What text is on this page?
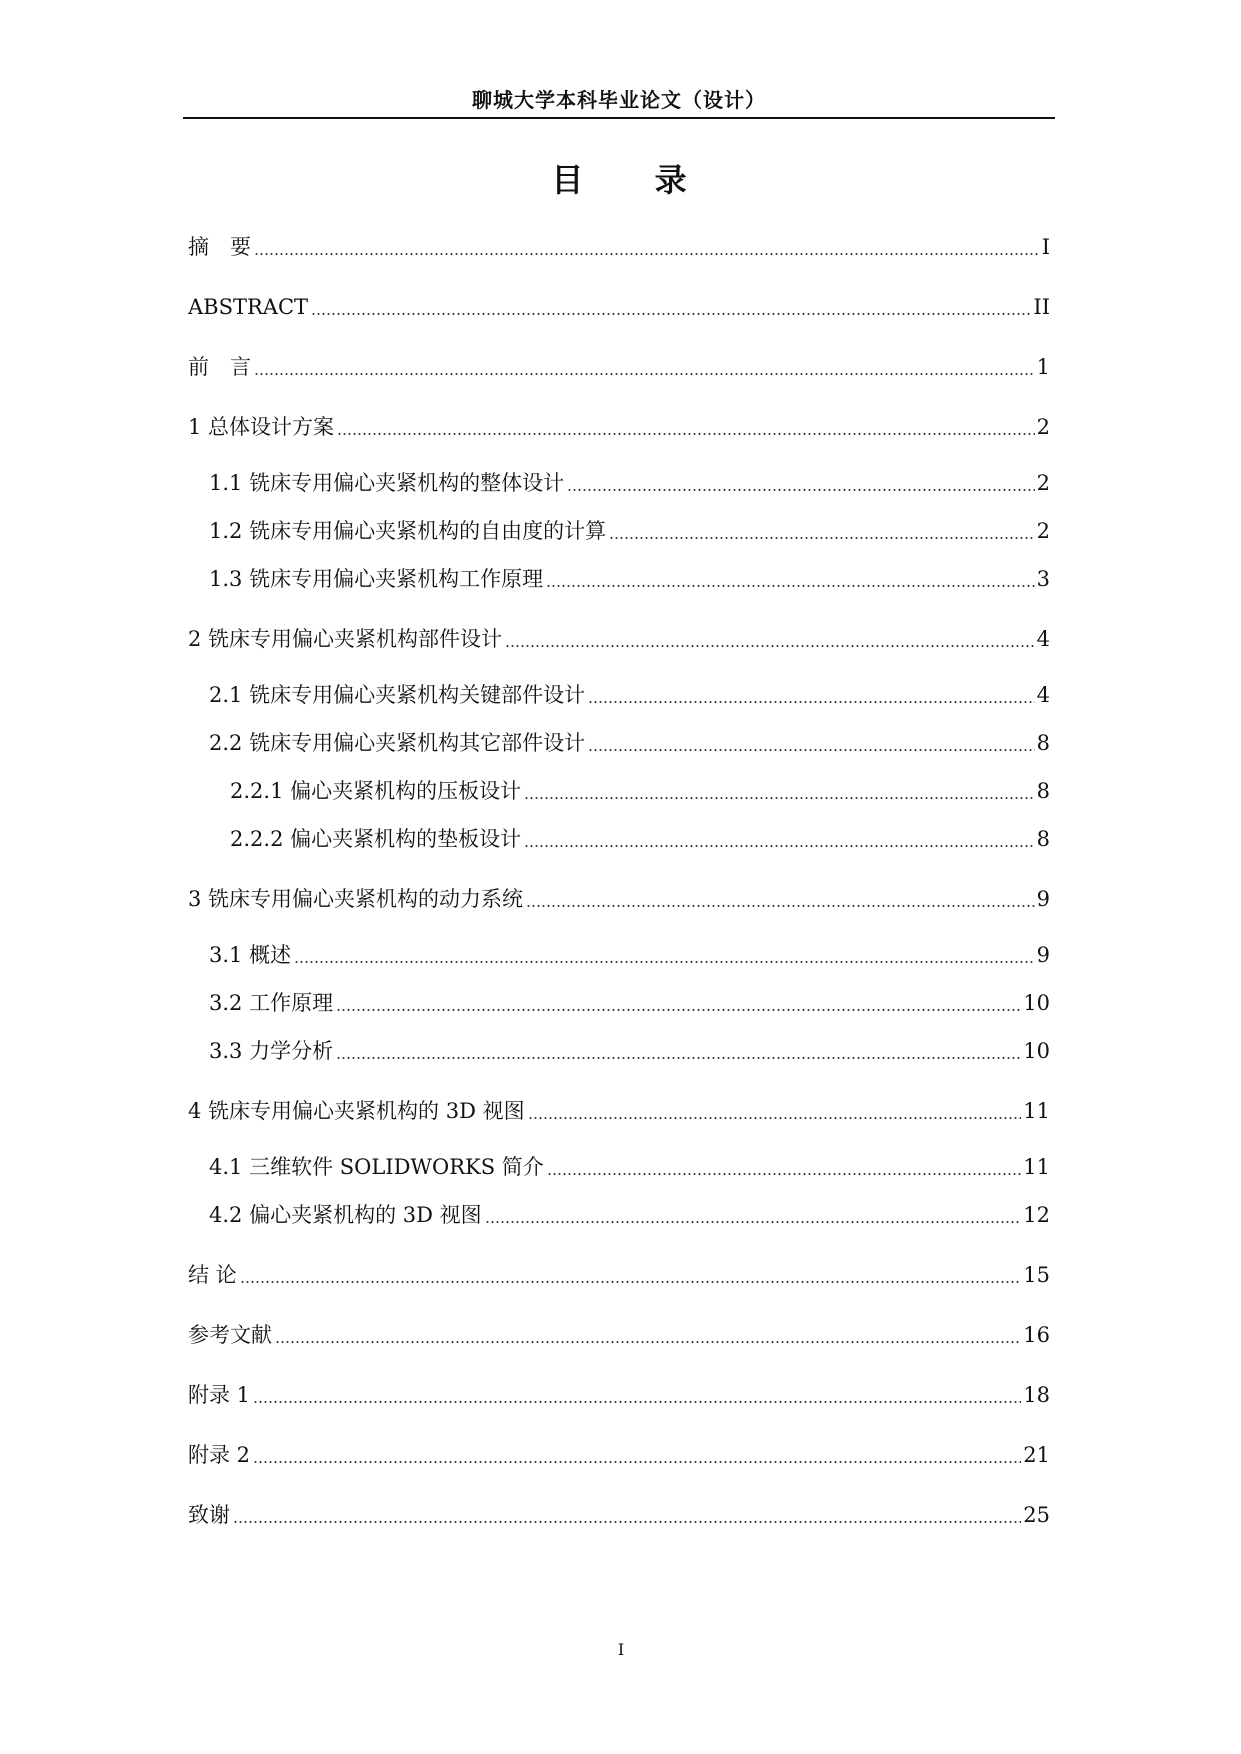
聊城大学本科毕业论文（设计）
目 录
摘　要	I
ABSTRACT	II
前　言	1
1 总体设计方案	2
1.1 铣床专用偏心夹紧机构的整体设计	2
1.2 铣床专用偏心夹紧机构的自由度的计算	2
1.3 铣床专用偏心夹紧机构工作原理	3
2 铣床专用偏心夹紧机构部件设计	4
2.1 铣床专用偏心夹紧机构关键部件设计	4
2.2 铣床专用偏心夹紧机构其它部件设计	8
2.2.1 偏心夹紧机构的压板设计	8
2.2.2 偏心夹紧机构的垫板设计	8
3 铣床专用偏心夹紧机构的动力系统	9
3.1 概述	9
3.2 工作原理	10
3.3 力学分析	10
4 铣床专用偏心夹紧机构的 3D 视图	11
4.1 三维软件 SOLIDWORKS 简介	11
4.2 偏心夹紧机构的 3D 视图	12
结 论	15
参考文献	16
附录 1	18
附录 2	21
致谢	25
I
